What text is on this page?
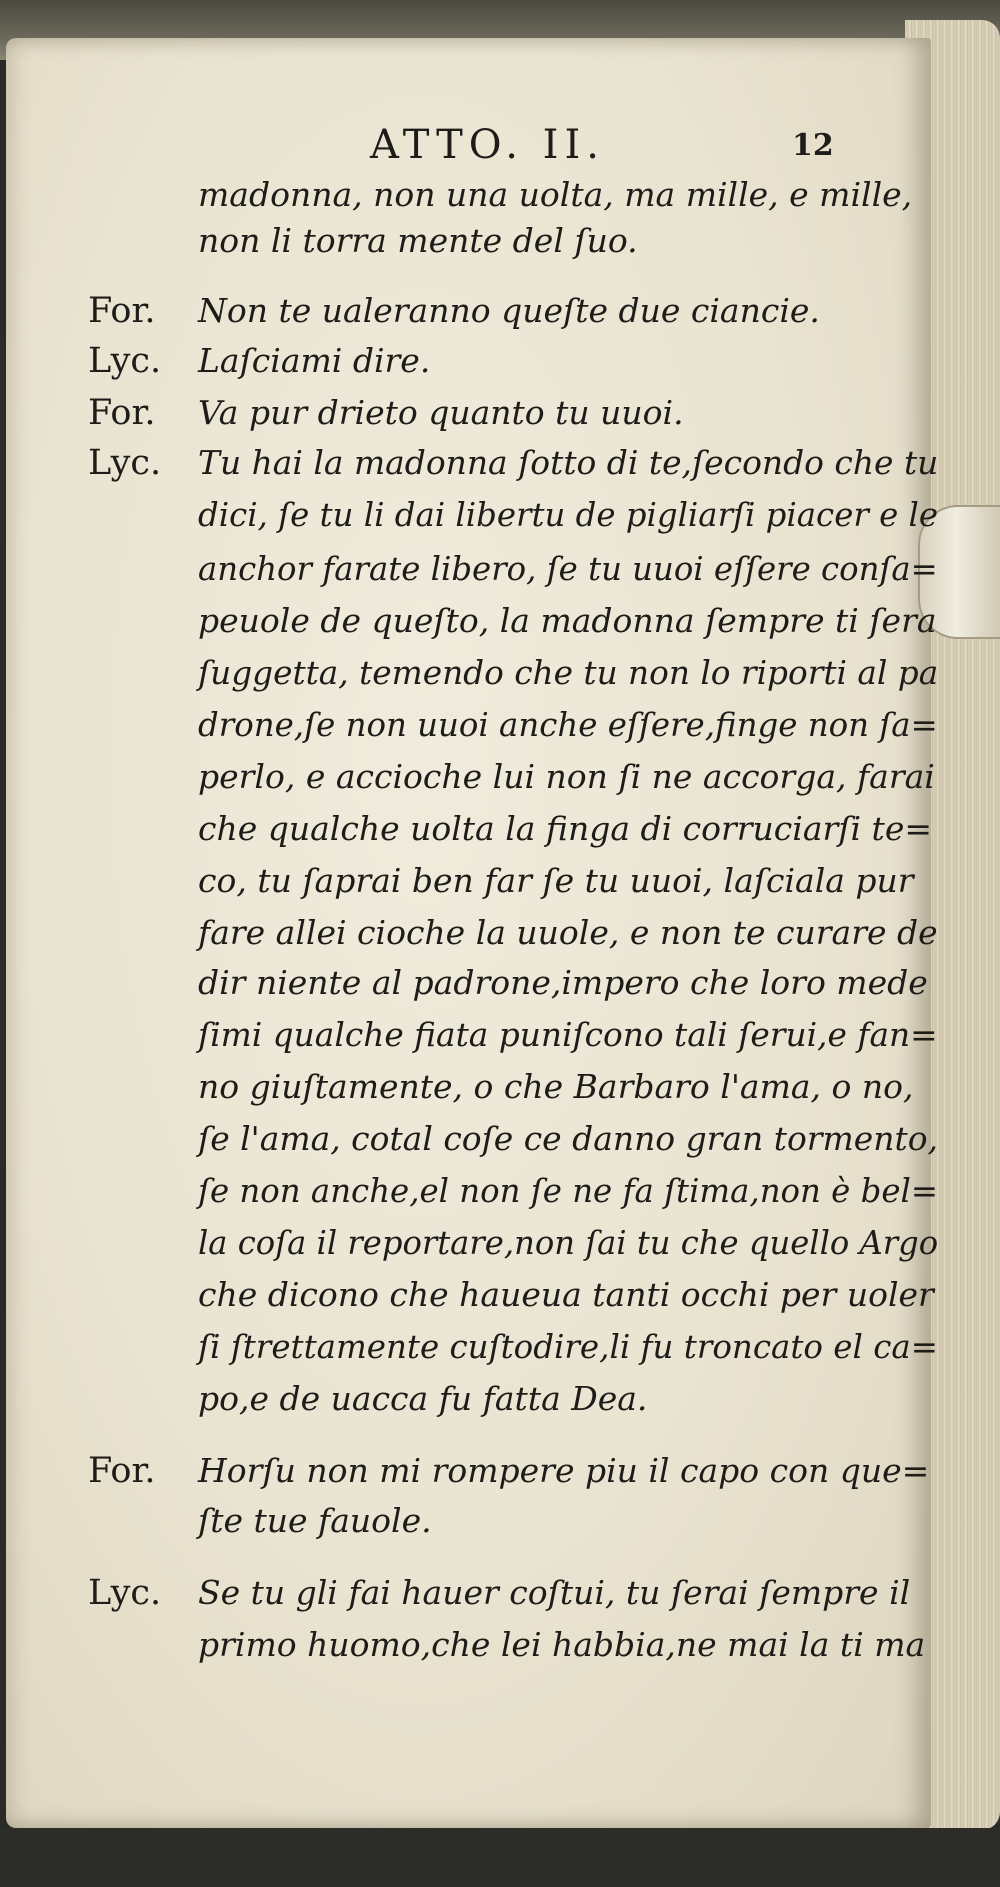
ATTO. II.	12
madonna, non una uolta, ma mille, e mille,
non li torra mente del ſuo.
For.	Non te ualeranno queſte due ciancie.
Lyc.	Laſciami dire.
For.	Va pur drieto quanto tu uuoi.
Lyc.	Tu hai la madonna ſotto di te,ſecondo che tu
dici, ſe tu li dai libertu de pigliarſi piacer e le
anchor farate libero, ſe tu uuoi eſſere conſa=
peuole de queſto, la madonna ſempre ti ſera
ſuggetta, temendo che tu non lo riporti al pa
drone,ſe non uuoi anche eſſere,finge non ſa=
perlo, e accioche lui non ſi ne accorga, farai
che qualche uolta la finga di corruciarſi te=
co, tu ſaprai ben far ſe tu uuoi, laſciala pur
fare allei cioche la uuole, e non te curare de
dir niente al padrone,impero che loro mede
ſimi qualche fiata puniſcono tali ſerui,e fan=
no giuſtamente, o che Barbaro l'ama, o no,
ſe l'ama, cotal coſe ce danno gran tormento,
ſe non anche,el non ſe ne fa ſtima,non è bel=
la coſa il reportare,non ſai tu che quello Argo
che dicono che haueua tanti occhi per uoler
ſi ſtrettamente cuſtodire,li fu troncato el ca=
po,e de uacca fu fatta Dea.
For.	Horſu non mi rompere piu il capo con que=
ſte tue fauole.
Lyc.	Se tu gli fai hauer coſtui, tu ſerai ſempre il
primo huomo,che lei habbia,ne mai la ti ma
